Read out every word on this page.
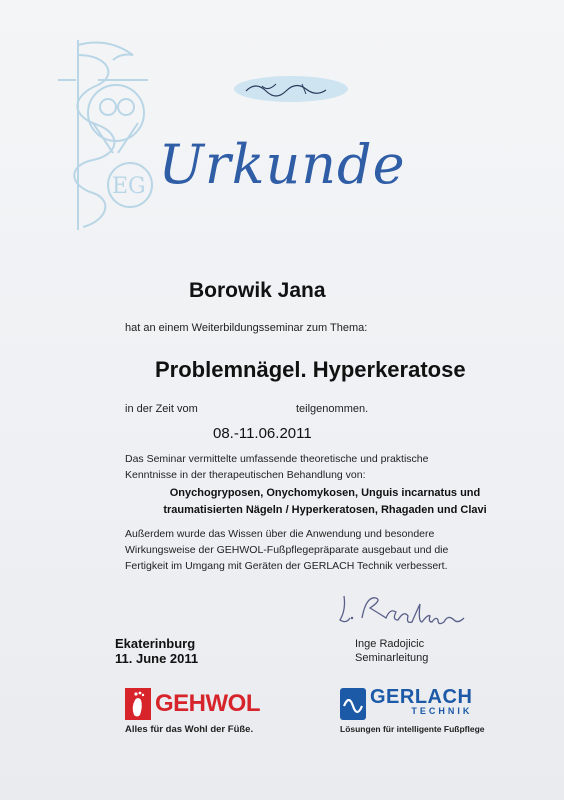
EG Urkunde
Borowik Jana
hat an einem Weiterbildungsseminar zum Thema:
Problemnägel. Hyperkeratose
in der Zeit vom	teilgenommen.
08.-11.06.2011
Das Seminar vermittelte umfassende theoretische und praktische
Kenntnisse in der therapeutischen Behandlung von:
Onychogryposen, Onychomykosen, Unguis incarnatus und
traumatisierten Nägeln / Hyperkeratosen, Rhagaden und Clavi
Außerdem wurde das Wissen über die Anwendung und besondere
Wirkungsweise der GEHWOL-Fußpflegepräparate ausgebaut und die
Fertigkeit im Umgang mit Geräten der GERLACH Technik verbessert.
Ekaterinburg
11. June 2011
Inge Radojicic
Seminarleitung
GEHWOL
Alles für das Wohl der Füße.
GERLACH
TECHNIK
Lösungen für intelligente Fußpflege
